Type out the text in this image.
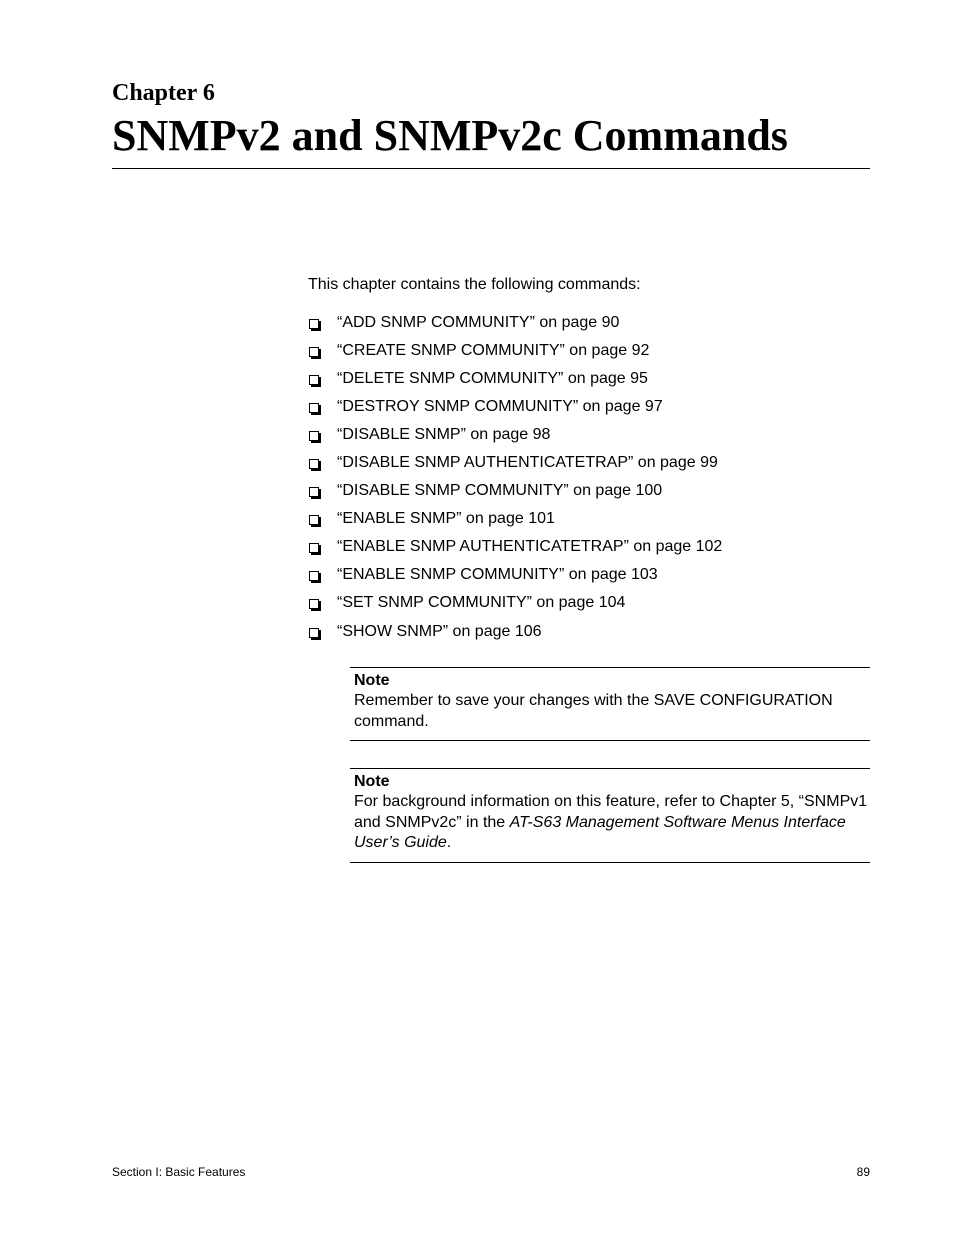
Chapter 6
SNMPv2 and SNMPv2c Commands

This chapter contains the following commands:

“ADD SNMP COMMUNITY” on page 90
“CREATE SNMP COMMUNITY” on page 92
“DELETE SNMP COMMUNITY” on page 95
“DESTROY SNMP COMMUNITY” on page 97
“DISABLE SNMP” on page 98
“DISABLE SNMP AUTHENTICATETRAP” on page 99
“DISABLE SNMP COMMUNITY” on page 100
“ENABLE SNMP” on page 101
“ENABLE SNMP AUTHENTICATETRAP” on page 102
“ENABLE SNMP COMMUNITY” on page 103
“SET SNMP COMMUNITY” on page 104
“SHOW SNMP” on page 106

Note

Remember to save your changes with the SAVE CONFIGURATION command.

Note

For background information on this feature, refer to Chapter 5, “SNMPv1 and SNMPv2c” in the AT-S63 Management Software Menus Interface User’s Guide.

Section I: Basic Features	89
